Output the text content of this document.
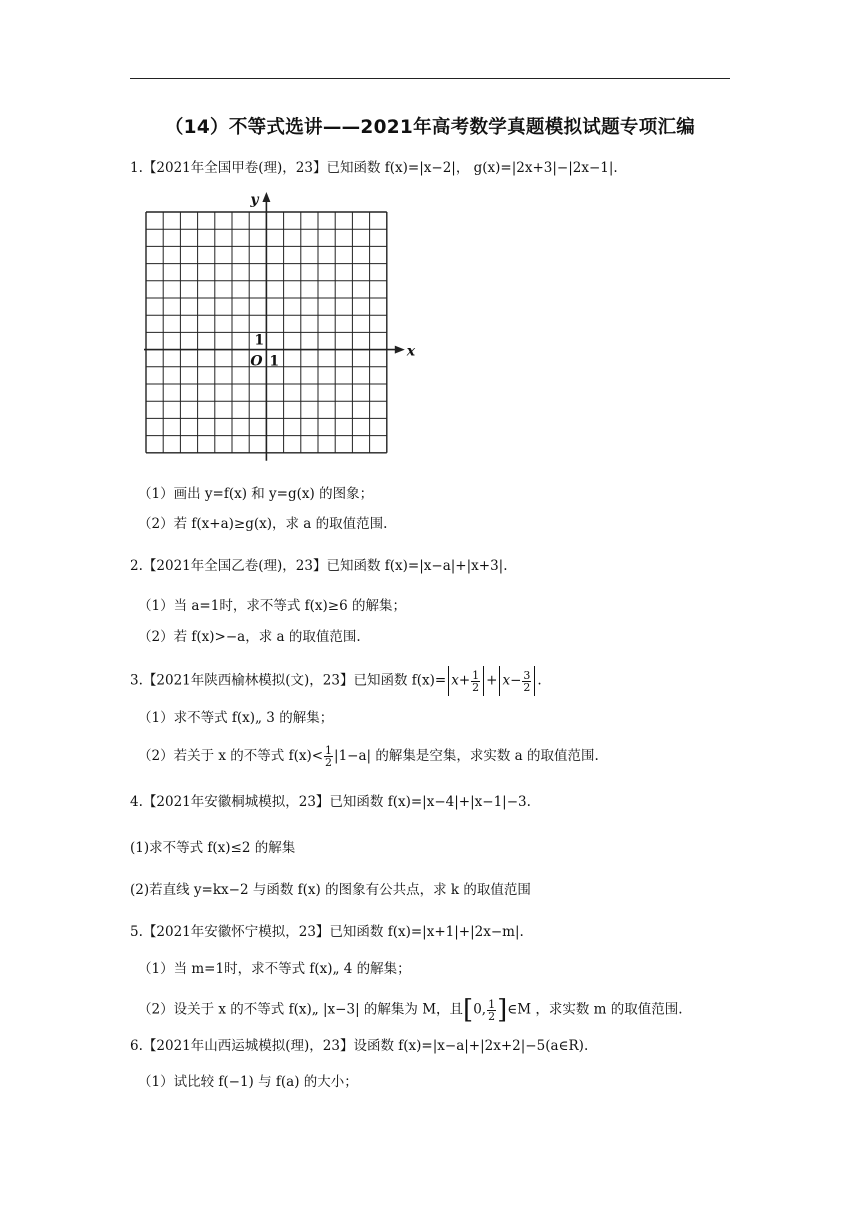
（14）不等式选讲——2021年高考数学真题模拟试题专项汇编
1.【2021年全国甲卷(理)，23】已知函数 f(x)=|x−2|， g(x)=|2x+3|−|2x−1|.
y
x
O 1
1
（1）画出 y=f(x) 和 y=g(x) 的图象；
（2）若 f(x+a)≥g(x)，求 a 的取值范围.
2.【2021年全国乙卷(理)，23】已知函数 f(x)=|x−a|+|x+3|.
（1）当 a=1时，求不等式 f(x)≥6 的解集；
（2）若 f(x)>−a，求 a 的取值范围.
3.【2021年陕西榆林模拟(文)，23】已知函数 $f(x)= x+ \frac{1}{2} + x- \frac{3}{2}$ .
（1）求不等式 f(x)„ 3 的解集；
（2）若关于 x 的不等式 $f(x)< \frac{1}{2} |1-a|$ 的解集是空集，求实数 a 的取值范围.
4.【2021年安徽桐城模拟，23】已知函数 f(x)=|x−4|+|x−1|−3.
(1)求不等式 f(x)≤2 的解集
(2)若直线 y=kx−2 与函数 f(x) 的图象有公共点，求 k 的取值范围
5.【2021年安徽怀宁模拟，23】已知函数 f(x)=|x+1|+|2x−m|.
（1）当 m=1时，求不等式 f(x)„ 4 的解集；
（2）设关于 x 的不等式 f(x)„ |x−3| 的解集为 M，且[0, $\frac{1}{2}$ ]∈M ，求实数 m 的取值范围.
6.【2021年山西运城模拟(理)，23】设函数 f(x)=|x−a|+|2x+2|−5(a∈R).
（1）试比较 f(−1) 与 f(a) 的大小；
